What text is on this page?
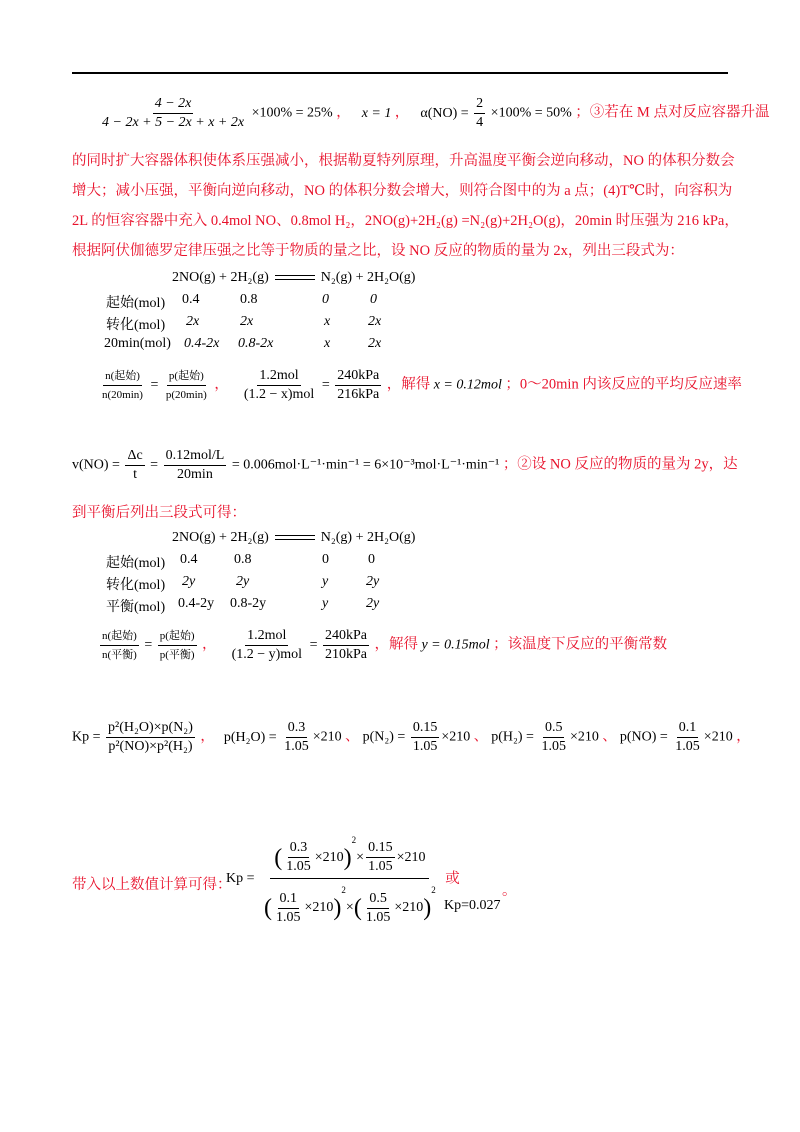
$\frac{4 - 2x}{4 - 2x + 5 - 2x + x + 2x} \times 100\% = 25\%$ ， x = 1 ， $\alpha(NO) = \frac{2}{4} \times 100\% = 50\%$ ；③若在 M 点对反应容器升温
的同时扩大容器体积使体系压强减小，根据勒夏特列原理，升高温度平衡会逆向移动，NO 的体积分数会
增大；减小压强，平衡向逆向移动，NO 的体积分数会增大，则符合图中的为 a 点；(4)T℃时，向容积为
2L 的恒容容器中充入 0.4mol NO、0.8mol H₂，2NO(g)+2H₂(g) =N₂(g)+2H₂O(g)，20min 时压强为 216 kPa，
根据阿伏伽德罗定律压强之比等于物质的量之比，设 NO 反应的物质的量为 2x，列出三段式为：
2NO(g) + 2H₂(g)	N₂(g) + 2H₂O(g)
起始(mol) 0.4	0.8	0	0
转化(mol) 2x	2x	x	2x
20min(mol) 0.4-2x 0.8-2x	x	2x
$\frac{\text{n(起始)}}{n(20\min)} = \frac{\text{p(起始)}}{p(20\min)}$ ， $\frac{\text{1.2mol}}{\text{(1.2 − x)mol}} = \frac{\text{240kPa}}{\text{216kPa}}$ ，解得 x = 0.12mol ；0～20min 内该反应的平均反应速率
$v(NO) = \frac{\Delta c}{t} = \frac{\text{0.12mol/L}}{20\min} = 0.006mol\cdot L^{-1}\cdot\min^{-1} = 6\times 10^{-3}mol\cdot L^{-1}\cdot\min^{-1}$ ；②设 NO 反应的物质的量为 2y，达
到平衡后列出三段式可得：
2NO(g) + 2H₂(g)	N₂(g) + 2H₂O(g)
起始(mol) 0.4	0.8	0	0
转化(mol) 2y	2y	y	2y
平衡(mol) 0.4-2y 0.8-2y	y	2y
$\frac{\text{n(起始)}}{\text{n(平衡)}} = \frac{\text{p(起始)}}{\text{p(平衡)}}$ ， $\frac{\text{1.2mol}}{\text{(1.2 − y)mol}} = \frac{\text{240kPa}}{\text{210kPa}}$ ，解得 y = 0.15mol ；该温度下反应的平衡常数
$Kp = \frac{\text{p²(H₂O)×p(N₂)}}{\text{p²(NO)×p²(H₂)}}$ ， $p(H_2O) = \frac{0.3}{1.05} \times 210$ 、 $p(N_2) = \frac{0.15}{1.05} \times 210$ 、 $p(H_2) = \frac{0.5}{1.05} \times 210$ 、 $p(NO) = \frac{0.1}{1.05} \times 210$ ，
带入以上数值计算可得：
$Kp = \frac{( \frac{0.3}{1.05} \times 210)^2\times \frac{0.15}{1.05} \times 210}{( \frac{0.1}{1.05} \times 210)^2\times( \frac{0.5}{1.05} \times 210)^2}$ 或
Kp=0.027
。
